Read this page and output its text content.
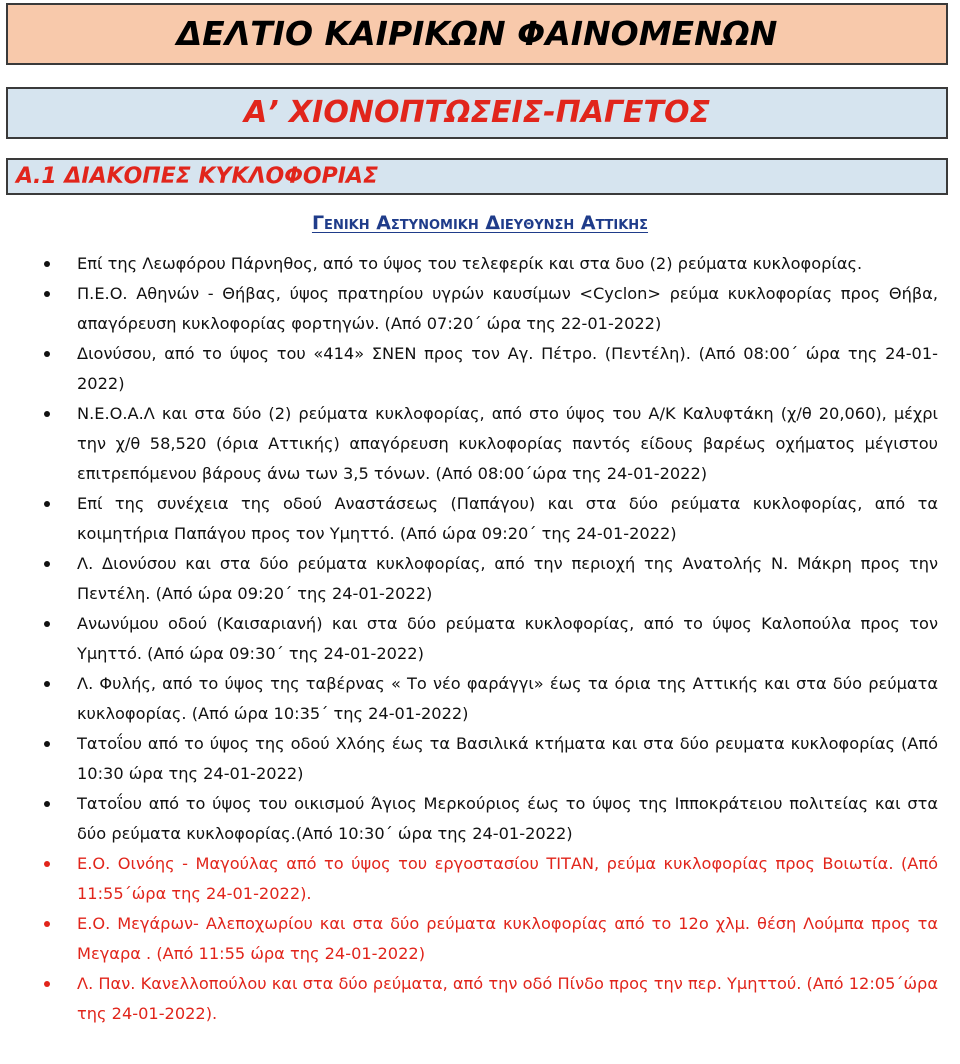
ΔΕΛΤΙΟ ΚΑΙΡΙΚΩΝ ΦΑΙΝΟΜΕΝΩΝ
Α’ ΧΙΟΝΟΠΤΩΣΕΙΣ-ΠΑΓΕΤΟΣ
Α.1 ΔΙΑΚΟΠΕΣ ΚΥΚΛΟΦΟΡΙΑΣ
Γενικη Αστυνομικη Διευθυνση Αττικης
Επί της Λεωφόρου Πάρνηθος, από το ύψος του τελεφερίκ και στα δυο (2) ρεύματα κυκλοφορίας.
Π.Ε.Ο. Αθηνών - Θήβας, ύψος πρατηρίου υγρών καυσίμων <Cyclon> ρεύμα κυκλοφορίας προς Θήβα, απαγόρευση κυκλοφορίας φορτηγών. (Από 07:20΄ ώρα της 22-01-2022)
Διονύσου, από το ύψος του «414» ΣΝΕΝ προς τον Αγ. Πέτρο. (Πεντέλη). (Από 08:00΄ ώρα της 24-01-2022)
Ν.Ε.Ο.Α.Λ και στα δύο (2) ρεύματα κυκλοφορίας, από στο ύψος του Α/Κ Καλυφτάκη (χ/θ 20,060), μέχρι την χ/θ 58,520 (όρια Αττικής) απαγόρευση κυκλοφορίας παντός είδους βαρέως οχήματος μέγιστου επιτρεπόμενου βάρους άνω των 3,5 τόνων. (Από 08:00΄ώρα της 24-01-2022)
Επί της συνέχεια της οδού Αναστάσεως (Παπάγου) και στα δύο ρεύματα κυκλοφορίας, από τα κοιμητήρια Παπάγου προς τον Υμηττό. (Από ώρα 09:20΄ της 24-01-2022)
Λ. Διονύσου και στα δύο ρεύματα κυκλοφορίας, από την περιοχή της Ανατολής Ν. Μάκρη προς την Πεντέλη. (Από ώρα 09:20΄ της 24-01-2022)
Ανωνύμου οδού (Καισαριανή) και στα δύο ρεύματα κυκλοφορίας, από το ύψος Καλοπούλα προς τον Υμηττό. (Από ώρα 09:30΄ της 24-01-2022)
Λ. Φυλής, από το ύψος της ταβέρνας « Το νέο φαράγγι» έως τα όρια της Αττικής και στα δύο ρεύματα κυκλοφορίας. (Από ώρα 10:35΄ της 24-01-2022)
Τατοΐου από το ύψος της οδού Χλόης έως τα Βασιλικά κτήματα και στα δύο ρευματα κυκλοφορίας (Από 10:30 ώρα της 24-01-2022)
Τατοΐου από το ύψος του οικισμού Άγιος Μερκούριος έως το ύψος της Ιπποκράτειου πολιτείας και στα δύο ρεύματα κυκλοφορίας.(Από 10:30΄ ώρα της 24-01-2022)
Ε.Ο. Οινόης - Μαγούλας από το ύψος του εργοστασίου ΤΙΤΑΝ, ρεύμα κυκλοφορίας προς Βοιωτία. (Από 11:55΄ώρα της 24-01-2022).
Ε.Ο. Μεγάρων- Αλεποχωρίου και στα δύο ρεύματα κυκλοφορίας από το 12ο χλμ. θέση Λούμπα προς τα Μεγαρα . (Από 11:55 ώρα της 24-01-2022)
Λ. Παν. Κανελλοπούλου και στα δύο ρεύματα, από την οδό Πίνδο προς την περ. Υμηττού. (Από 12:05΄ώρα της 24-01-2022).
